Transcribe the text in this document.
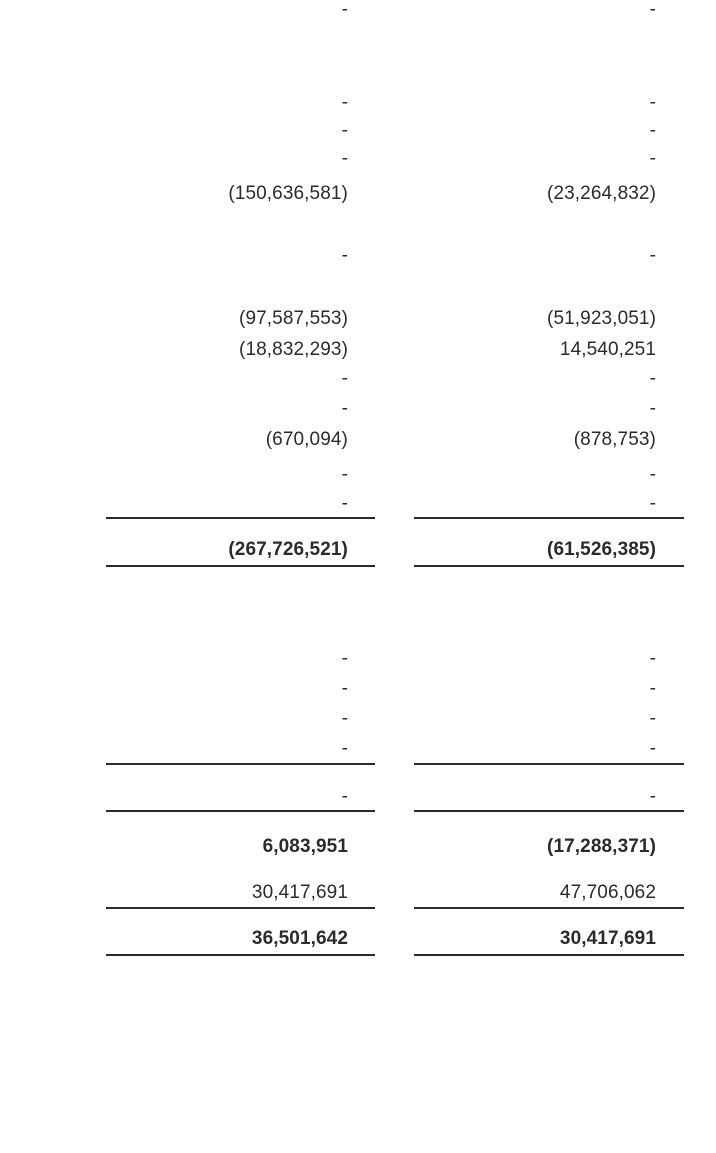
-
-
-
-
(150,636,581)
-
(97,587,553)
(18,832,293)
-
-
(670,094)
-
-
(267,726,521)
-
-
-
-
-
6,083,951
30,417,691
36,501,642
-
-
-
-
(23,264,832)
-
(51,923,051)
14,540,251
-
-
(878,753)
-
-
(61,526,385)
-
-
-
-
-
(17,288,371)
47,706,062
30,417,691
